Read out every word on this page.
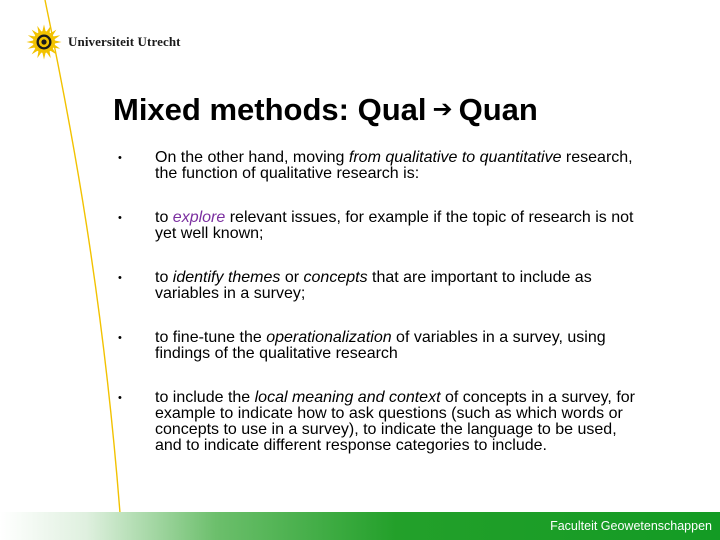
Universiteit Utrecht
Mixed methods: Qual ➔ Quan
• On the other hand, moving from qualitative to quantitative research, the function of qualitative research is:
• to explore relevant issues, for example if the topic of research is not yet well known;
• to identify themes or concepts that are important to include as variables in a survey;
• to fine-tune the operationalization of variables in a survey, using findings of the qualitative research
• to include the local meaning and context of concepts in a survey, for example to indicate how to ask questions (such as which words or concepts to use in a survey), to indicate the language to be used, and to indicate different response categories to include.
Faculteit Geowetenschappen
